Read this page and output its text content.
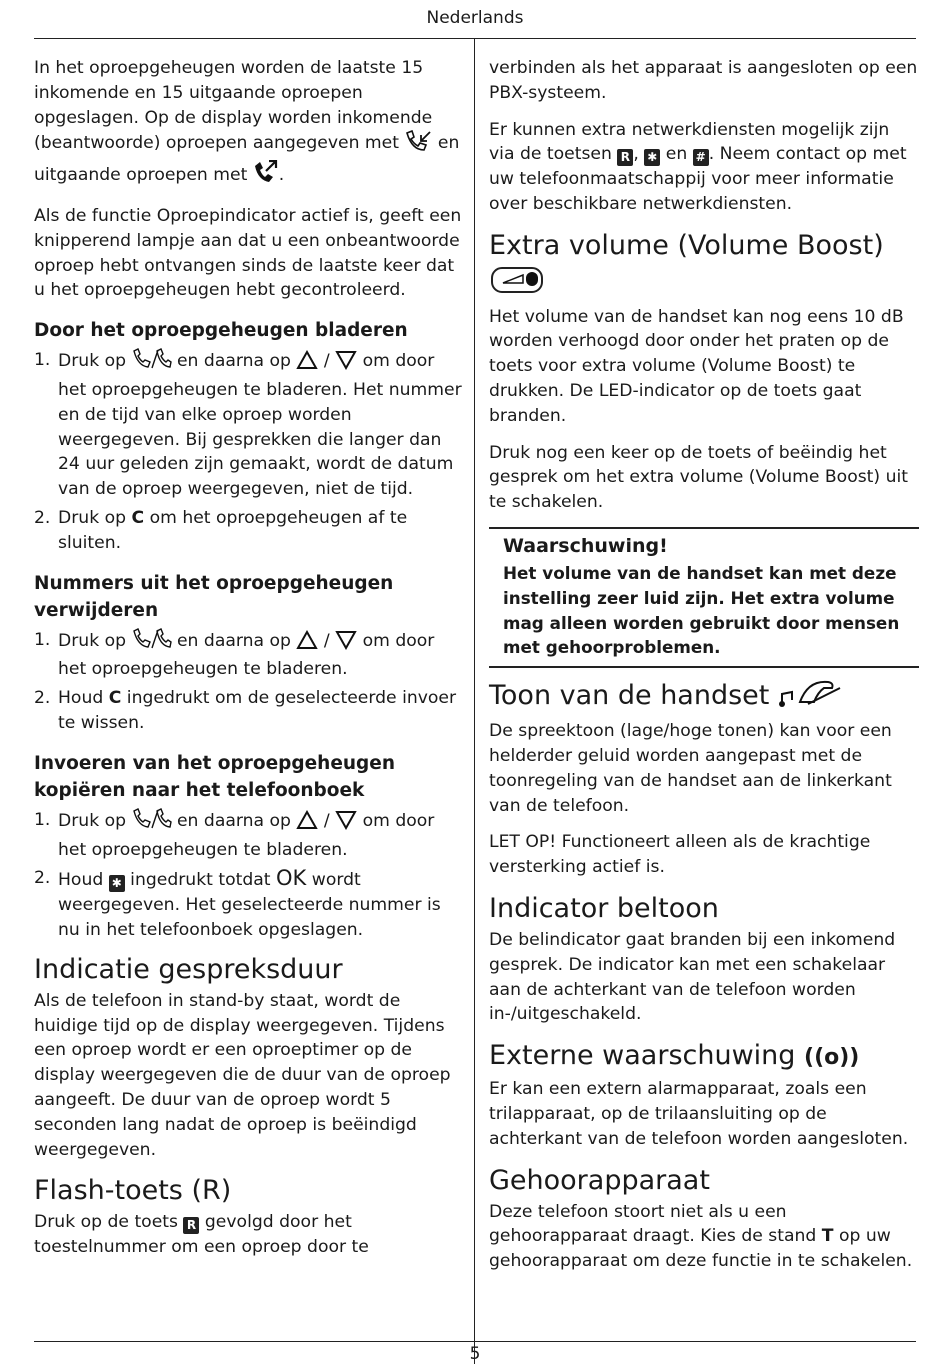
Nederlands

In het oproepgeheugen worden de laatste 15 inkomende en 15 uitgaande oproepen opgeslagen. Op de display worden inkomende (beantwoorde) oproepen aangegeven met  en uitgaande oproepen met .

Als de functie Oproepindicator actief is, geeft een knipperend lampje aan dat u een onbeantwoorde oproep hebt ontvangen sinds de laatste keer dat u het oproepgeheugen hebt gecontroleerd.

Door het oproepgeheugen bladeren
1. Druk op  en daarna op  /  om door het oproepgeheugen te bladeren. Het nummer en de tijd van elke oproep worden weergegeven. Bij gesprekken die langer dan 24 uur geleden zijn gemaakt, wordt de datum van de oproep weergegeven, niet de tijd.
2. Druk op C om het oproepgeheugen af te sluiten.
Nummers uit het oproepgeheugen verwijderen
1. Druk op  en daarna op  /  om door het oproepgeheugen te bladeren.
2. Houd C ingedrukt om de geselecteerde invoer te wissen.
Invoeren van het oproepgeheugen kopiëren naar het telefoonboek
1. Druk op  en daarna op  /  om door het oproepgeheugen te bladeren.
2. Houd ✱ ingedrukt totdat OK wordt weergegeven. Het geselecteerde nummer is nu in het telefoonboek opgeslagen.
Indicatie gespreksduur

Als de telefoon in stand-by staat, wordt de huidige tijd op de display weergegeven. Tijdens een oproep wordt er een oproeptimer op de display weergegeven die de duur van de oproep aangeeft. De duur van de oproep wordt 5 seconden lang nadat de oproep is beëindigd weergegeven.

Flash-toets (R)

Druk op de toets R gevolgd door het toestelnummer om een oproep door te

verbinden als het apparaat is aangesloten op een PBX-systeem.

Er kunnen extra netwerkdiensten mogelijk zijn via de toetsen R , ✱ en # . Neem contact op met uw telefoonmaatschappij voor meer informatie over beschikbare netwerkdiensten.

Extra volume (Volume Boost)

Het volume van de handset kan nog eens 10 dB worden verhoogd door onder het praten op de toets voor extra volume (Volume Boost) te drukken. De LED-indicator op de toets gaat branden.

Druk nog een keer op de toets of beëindig het gesprek om het extra volume (Volume Boost) uit te schakelen.

Waarschuwing!

Het volume van de handset kan met deze instelling zeer luid zijn. Het extra volume mag alleen worden gebruikt door mensen met gehoorproblemen.

Toon van de handset

De spreektoon (lage/hoge tonen) kan voor een helderder geluid worden aangepast met de toonregeling van de handset aan de linkerkant van de telefoon.

LET OP! Functioneert alleen als de krachtige versterking actief is.

Indicator beltoon

De belindicator gaat branden bij een inkomend gesprek. De indicator kan met een schakelaar aan de achterkant van de telefoon worden in-/uitgeschakeld.

Externe waarschuwing ((o))

Er kan een extern alarmapparaat, zoals een trilapparaat, op de trilaansluiting op de achterkant van de telefoon worden aangesloten.

Gehoorapparaat

Deze telefoon stoort niet als u een gehoorapparaat draagt. Kies de stand T op uw gehoorapparaat om deze functie in te schakelen.

5
